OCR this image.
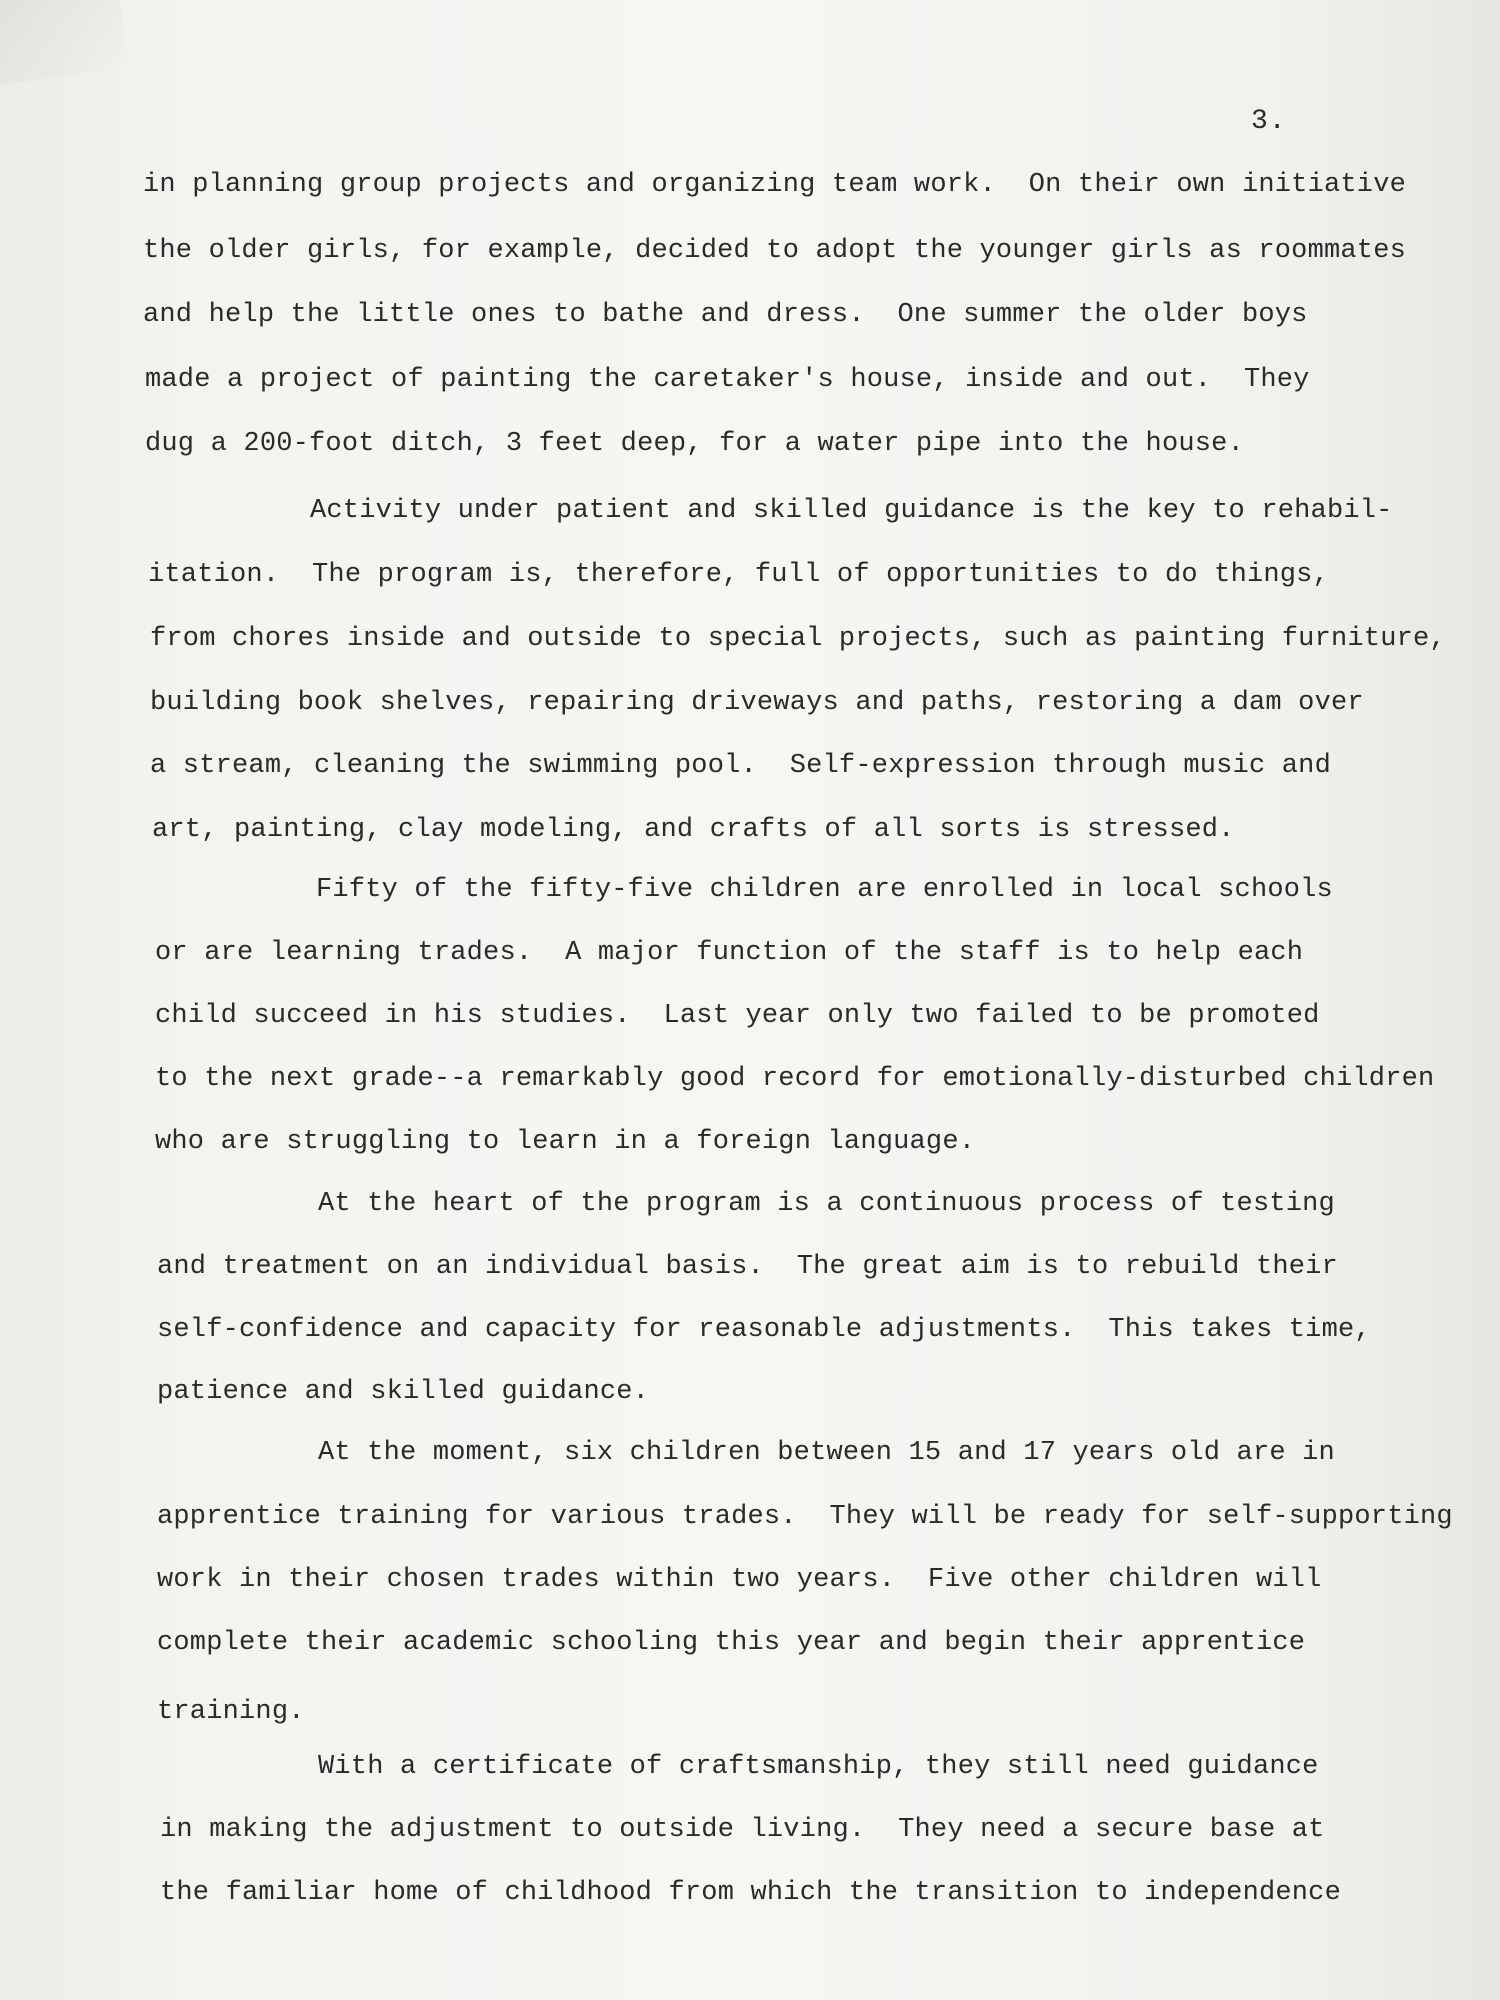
3.
in planning group projects and organizing team work.  On their own initiative
the older girls, for example, decided to adopt the younger girls as roommates
and help the little ones to bathe and dress.  One summer the older boys
made a project of painting the caretaker's house, inside and out.  They
dug a 200-foot ditch, 3 feet deep, for a water pipe into the house.
Activity under patient and skilled guidance is the key to rehabil-
itation.  The program is, therefore, full of opportunities to do things,
from chores inside and outside to special projects, such as painting furniture,
building book shelves, repairing driveways and paths, restoring a dam over
a stream, cleaning the swimming pool.  Self-expression through music and
art, painting, clay modeling, and crafts of all sorts is stressed.
Fifty of the fifty-five children are enrolled in local schools
or are learning trades.  A major function of the staff is to help each
child succeed in his studies.  Last year only two failed to be promoted
to the next grade--a remarkably good record for emotionally-disturbed children
who are struggling to learn in a foreign language.
At the heart of the program is a continuous process of testing
and treatment on an individual basis.  The great aim is to rebuild their
self-confidence and capacity for reasonable adjustments.  This takes time,
patience and skilled guidance.
At the moment, six children between 15 and 17 years old are in
apprentice training for various trades.  They will be ready for self-supporting
work in their chosen trades within two years.  Five other children will
complete their academic schooling this year and begin their apprentice
training.
With a certificate of craftsmanship, they still need guidance
in making the adjustment to outside living.  They need a secure base at
the familiar home of childhood from which the transition to independence
